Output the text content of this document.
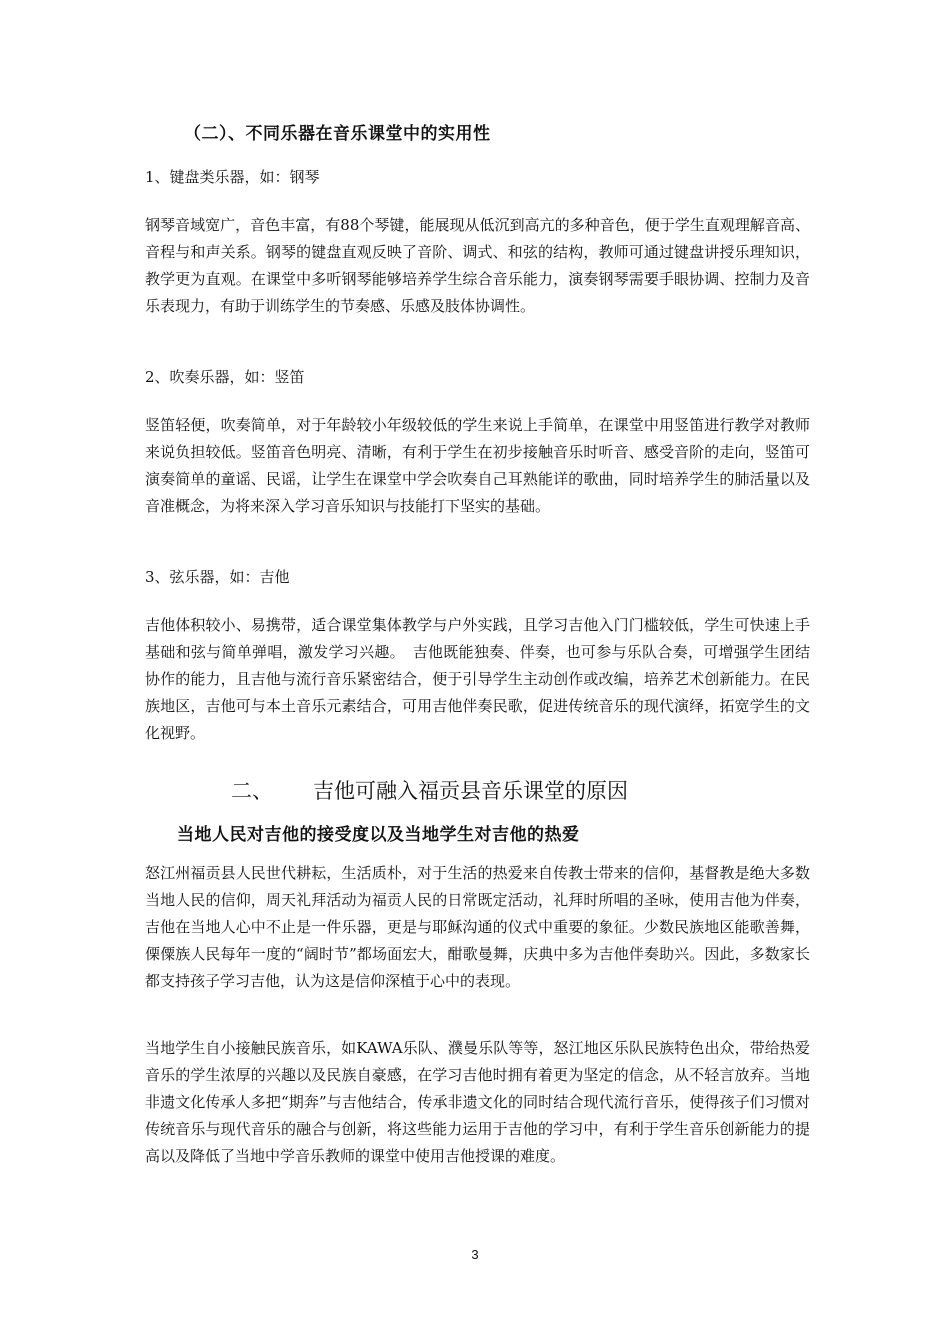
（二）、不同乐器在音乐课堂中的实用性
1、键盘类乐器，如：钢琴
钢琴音域宽广，音色丰富，有88个琴键，能展现从低沉到高亢的多种音色，便于学生直观理解音高、音程与和声关系。钢琴的键盘直观反映了音阶、调式、和弦的结构，教师可通过键盘讲授乐理知识，教学更为直观。在课堂中多听钢琴能够培养学生综合音乐能力，演奏钢琴需要手眼协调、控制力及音乐表现力，有助于训练学生的节奏感、乐感及肢体协调性。
2、吹奏乐器，如：竖笛
竖笛轻便，吹奏简单，对于年龄较小年级较低的学生来说上手简单，在课堂中用竖笛进行教学对教师来说负担较低。竖笛音色明亮、清晰，有利于学生在初步接触音乐时听音、感受音阶的走向，竖笛可演奏简单的童谣、民谣，让学生在课堂中学会吹奏自己耳熟能详的歌曲，同时培养学生的肺活量以及音准概念，为将来深入学习音乐知识与技能打下坚实的基础。
3、弦乐器，如：吉他
吉他体积较小、易携带，适合课堂集体教学与户外实践，且学习吉他入门门槛较低，学生可快速上手基础和弦与简单弹唱，激发学习兴趣。　吉他既能独奏、伴奏，也可参与乐队合奏，可增强学生团结协作的能力，且吉他与流行音乐紧密结合，便于引导学生主动创作或改编，培养艺术创新能力。在民族地区，吉他可与本土音乐元素结合，可用吉他伴奏民歌，促进传统音乐的现代演绎，拓宽学生的文化视野。
二、 吉他可融入福贡县音乐课堂的原因
当地人民对吉他的接受度以及当地学生对吉他的热爱
怒江州福贡县人民世代耕耘，生活质朴，对于生活的热爱来自传教士带来的信仰，基督教是绝大多数当地人民的信仰，周天礼拜活动为福贡人民的日常既定活动，礼拜时所唱的圣咏，使用吉他为伴奏，吉他在当地人心中不止是一件乐器，更是与耶稣沟通的仪式中重要的象征。少数民族地区能歌善舞，傈僳族人民每年一度的“阔时节”都场面宏大，酣歌曼舞，庆典中多为吉他伴奏助兴。因此，多数家长都支持孩子学习吉他，认为这是信仰深植于心中的表现。
当地学生自小接触民族音乐，如KAWA乐队、濮曼乐队等等，怒江地区乐队民族特色出众，带给热爱音乐的学生浓厚的兴趣以及民族自豪感，在学习吉他时拥有着更为坚定的信念，从不轻言放弃。当地非遗文化传承人多把“期奔”与吉他结合，传承非遗文化的同时结合现代流行音乐，使得孩子们习惯对传统音乐与现代音乐的融合与创新，将这些能力运用于吉他的学习中，有利于学生音乐创新能力的提高以及降低了当地中学音乐教师的课堂中使用吉他授课的难度。
3
